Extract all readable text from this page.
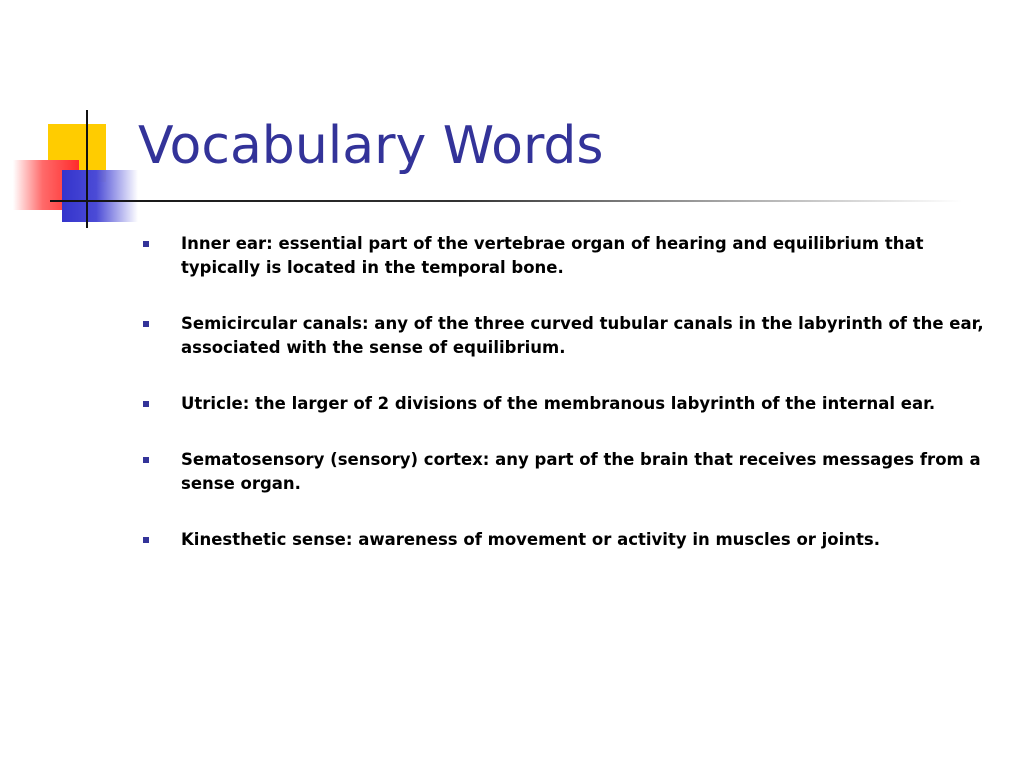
Vocabulary Words
Inner ear: essential part of the vertebrae organ of hearing and equilibrium that typically is located in the temporal bone.
Semicircular canals: any of the three curved tubular canals in the labyrinth of the ear, associated with the sense of equilibrium.
Utricle: the larger of 2 divisions of the membranous labyrinth of the internal ear.
Sematosensory (sensory) cortex: any part of the brain that receives messages from a sense organ.
Kinesthetic sense: awareness of movement or activity in muscles or joints.
